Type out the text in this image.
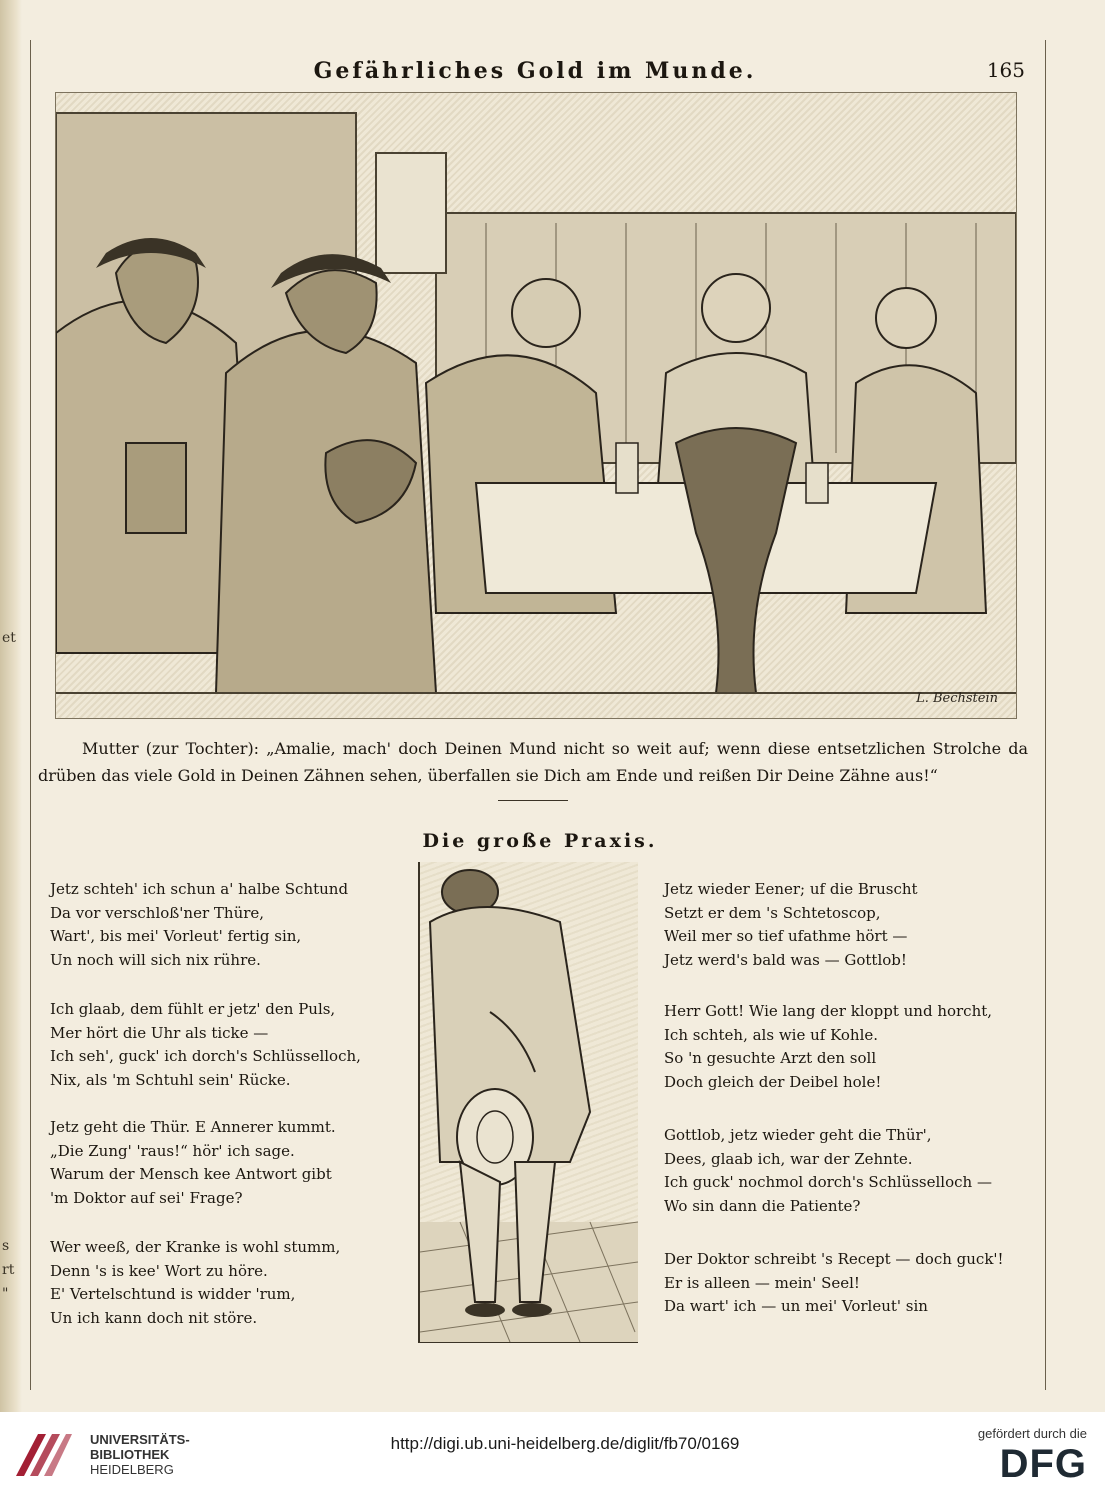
et
s
rt
"
Gefährliches Gold im Munde.	165
L. Bechstein
Mutter (zur Tochter): „Amalie, mach' doch Deinen Mund nicht so weit auf; wenn diese entsetzlichen Strolche da drüben das viele Gold in Deinen Zähnen sehen, überfallen sie Dich am Ende und reißen Dir Deine Zähne aus!“
Die große Praxis.
Jetz schteh' ich schun a' halbe Schtund
Da vor verschloß'ner Thüre,
Wart', bis mei' Vorleut' fertig sin,
Un noch will sich nix rühre.
Ich glaab, dem fühlt er jetz' den Puls,
Mer hört die Uhr als ticke —
Ich seh', guck' ich dorch's Schlüsselloch,
Nix, als 'm Schtuhl sein' Rücke.
Jetz geht die Thür. E Annerer kummt.
„Die Zung' 'raus!“ hör' ich sage.
Warum der Mensch kee Antwort gibt
'm Doktor auf sei' Frage?
Wer weeß, der Kranke is wohl stumm,
Denn 's is kee' Wort zu höre.
E' Vertelschtund is widder 'rum,
Un ich kann doch nit störe.
Jetz wieder Eener; uf die Bruscht
Setzt er dem 's Schtetoscop,
Weil mer so tief ufathme hört —
Jetz werd's bald was — Gottlob!
Herr Gott! Wie lang der kloppt und horcht,
Ich schteh, als wie uf Kohle.
So 'n gesuchte Arzt den soll
Doch gleich der Deibel hole!
Gottlob, jetz wieder geht die Thür',
Dees, glaab ich, war der Zehnte.
Ich guck' nochmol dorch's Schlüsselloch —
Wo sin dann die Patiente?
Der Doktor schreibt 's Recept — doch guck'!
Er is alleen — mein' Seel!
Da wart' ich — un mei' Vorleut' sin
UNIVERSITÄTS-
BIBLIOTHEK
HEIDELBERG
http://digi.ub.uni-heidelberg.de/diglit/fb70/0169
gefördert durch die
DFG
